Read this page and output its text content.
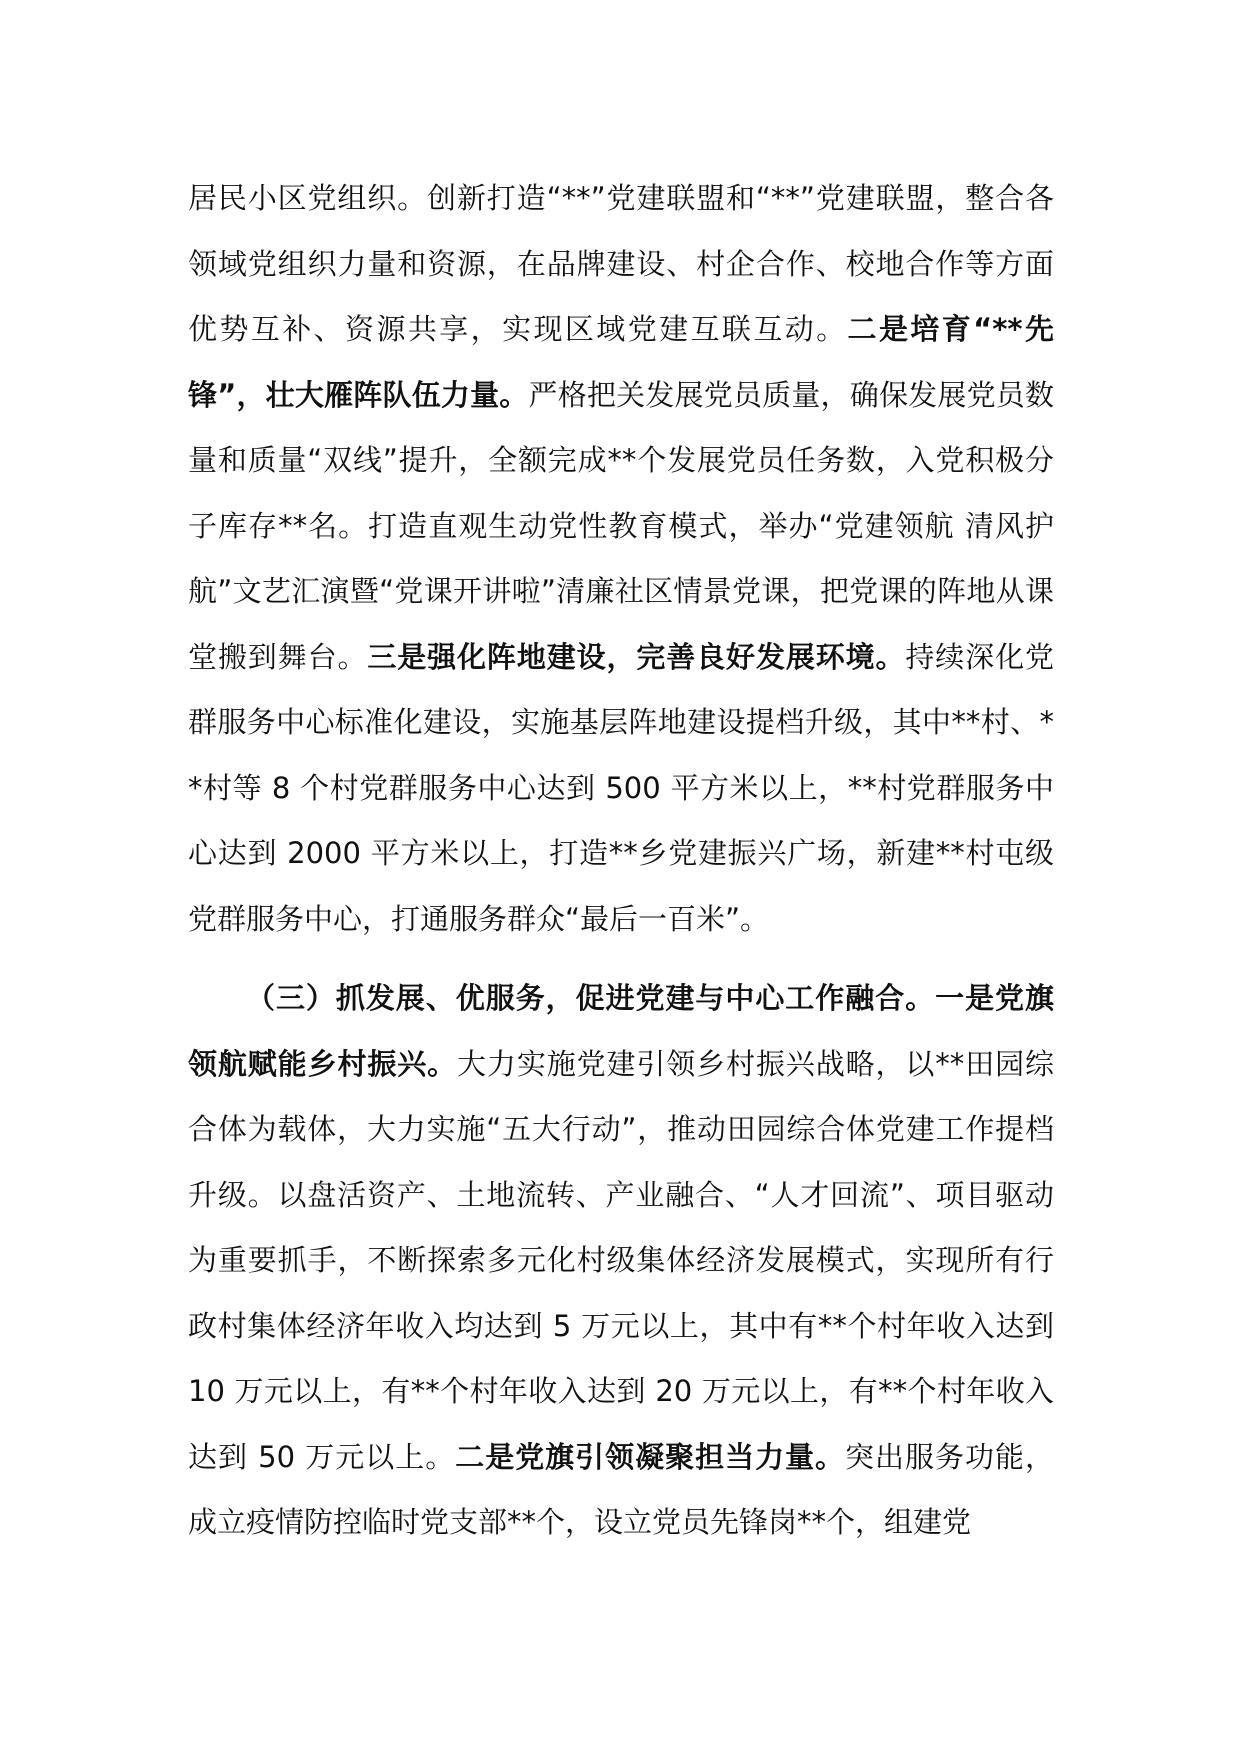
居民小区党组织。创新打造“**”党建联盟和“**”党建联盟，整合各领域党组织力量和资源，在品牌建设、村企合作、校地合作等方面优势互补、资源共享，实现区域党建互联互动。二是培育“**先锋”，壮大雁阵队伍力量。严格把关发展党员质量，确保发展党员数量和质量“双线”提升，全额完成**个发展党员任务数，入党积极分子库存**名。打造直观生动党性教育模式，举办“党建领航 清风护航”文艺汇演暨“党课开讲啦”清廉社区情景党课，把党课的阵地从课堂搬到舞台。三是强化阵地建设，完善良好发展环境。持续深化党群服务中心标准化建设，实施基层阵地建设提档升级，其中**村、**村等 8 个村党群服务中心达到 500 平方米以上，**村党群服务中心达到 2000 平方米以上，打造**乡党建振兴广场，新建**村屯级党群服务中心，打通服务群众“最后一百米”。

（三）抓发展、优服务，促进党建与中心工作融合。一是党旗领航赋能乡村振兴。大力实施党建引领乡村振兴战略，以**田园综合体为载体，大力实施“五大行动”，推动田园综合体党建工作提档升级。以盘活资产、土地流转、产业融合、“人才回流”、项目驱动为重要抓手，不断探索多元化村级集体经济发展模式，实现所有行政村集体经济年收入均达到 5 万元以上，其中有**个村年收入达到 10 万元以上，有**个村年收入达到 20 万元以上，有**个村年收入达到 50 万元以上。二是党旗引领凝聚担当力量。突出服务功能，成立疫情防控临时党支部**个，设立党员先锋岗**个，组建党
